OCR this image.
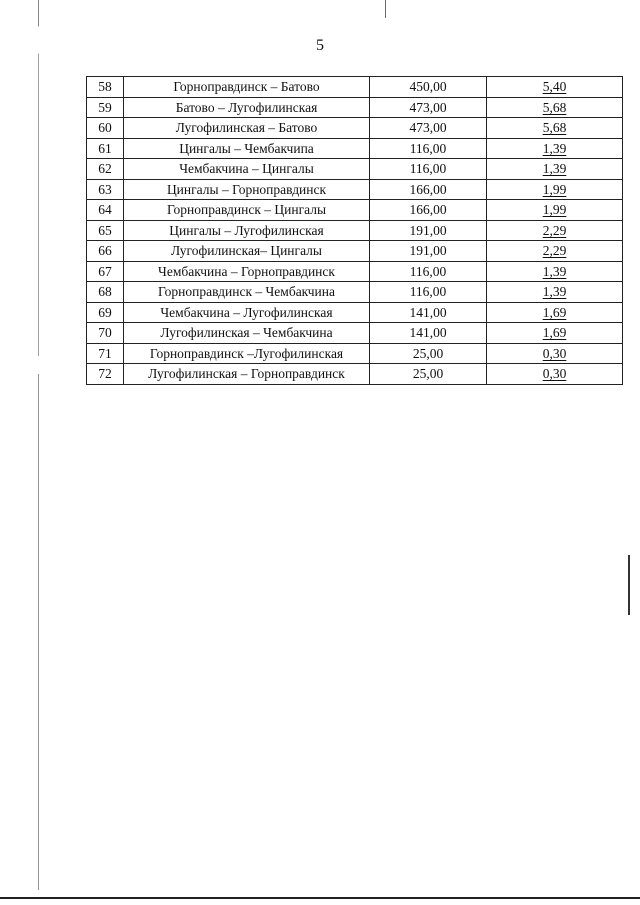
5
58	Горноправдинск – Батово	450,00	5,40
59	Батово – Лугофилинская	473,00	5,68
60	Лугофилинская – Батово	473,00	5,68
61	Цингалы – Чембакчипа	116,00	1,39
62	Чембакчина – Цингалы	116,00	1,39
63	Цингалы – Горноправдинск	166,00	1,99
64	Горноправдинск – Цингалы	166,00	1,99
65	Цингалы – Лугофилинская	191,00	2,29
66	Лугофилинская– Цингалы	191,00	2,29
67	Чембакчина – Горноправдинск	116,00	1,39
68	Горноправдинск – Чембакчина	116,00	1,39
69	Чембакчина – Лугофилинская	141,00	1,69
70	Лугофилинская – Чембакчина	141,00	1,69
71	Горноправдинск –Лугофилинская	25,00	0,30
72	Лугофилинская – Горноправдинск	25,00	0,30
